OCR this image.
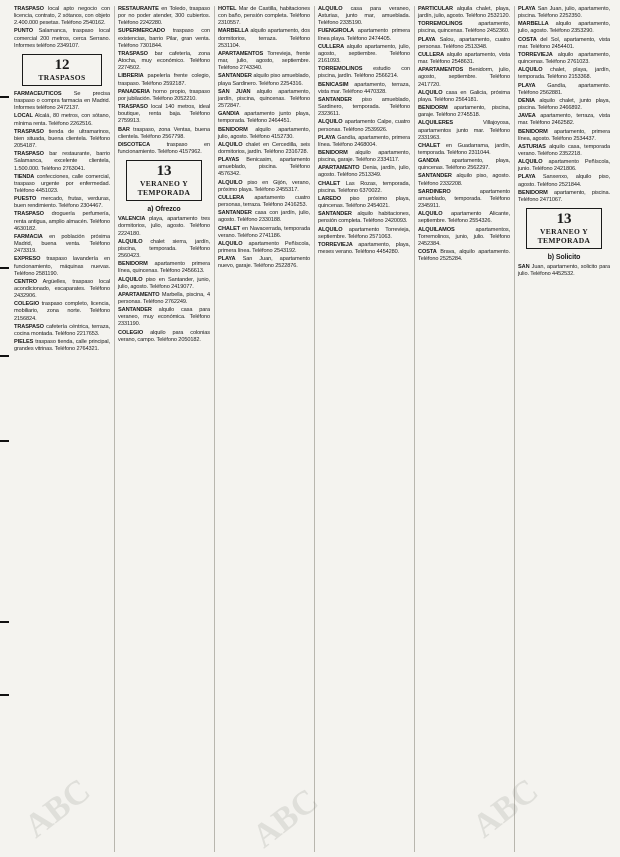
TRASPASO local apto negocio con licencia, contrato, 2 sótanos, con objeto 2.400.000 pesetas. Teléfono 2540162.

PUNTO Salamanca, traspaso local comercial 200 metros, cerca Serrano. Informes teléfono 2349107.

12
TRASPASOS

FARMACEUTICOS Se precisa traspaso o compra farmacia en Madrid. Informes teléfono 2472137.

LOCAL Alcalá, 80 metros, con sótano, mínima renta. Teléfono 2262516.

TRASPASO tienda de ultramarinos, bien situada, buena clientela. Teléfono 2054187.

TRASPASO bar restaurante, barrio Salamanca, excelente clientela, 1.500.000. Teléfono 2763041.

TIENDA confecciones, calle comercial, traspaso urgente por enfermedad. Teléfono 4451023.

PUESTO mercado, frutas, verduras, buen rendimiento. Teléfono 2304467.

TRASPASO droguería perfumería, renta antigua, amplio almacén. Teléfono 4630182.

FARMACIA en población próxima Madrid, buena venta. Teléfono 2473319.

EXPRESO traspaso lavandería en funcionamiento, máquinas nuevas. Teléfono 2581190.

CENTRO Argüelles, traspaso local acondicionado, escaparates. Teléfono 2432906.

COLEGIO traspaso completo, licencia, mobiliario, zona norte. Teléfono 2156824.

TRASPASO cafetería céntrica, terraza, cocina montada. Teléfono 2217653.

PIELES traspaso tienda, calle principal, grandes vitrinas. Teléfono 2764321.

RESTAURANTE en Toledo, traspaso por no poder atender, 300 cubiertos. Teléfono 2242280.

SUPERMERCADO traspaso con existencias, barrio Pilar, gran venta. Teléfono 7301844.

TRASPASO bar cafetería, zona Atocha, muy económico. Teléfono 2274502.

LIBRERIA papelería frente colegio, traspaso. Teléfono 2592187.

PANADERIA horno propio, traspaso por jubilación. Teléfono 2052210.

TRASPASO local 140 metros, ideal boutique, renta baja. Teléfono 2759913.

BAR traspaso, zona Ventas, buena clientela. Teléfono 2567798.

DISCOTECA	traspaso en funcionamiento. Teléfono 4157962.

13
VERANEO Y TEMPORADA
a) Ofrezco

VALENCIA playa, apartamento tres dormitorios, julio, agosto. Teléfono 2224180.

ALQUILO chalet sierra, jardín, piscina, temporada. Teléfono 2560423.

BENIDORM apartamento primera línea, quincenas. Teléfono 2456613.

ALQUILO piso en Santander, junio, julio, agosto. Teléfono 2419077.

APARTAMENTO Marbella, piscina, 4 personas. Teléfono 2762249.

SANTANDER alquilo casa para veraneo, muy económica. Teléfono 2331190.

COLEGIO alquilo para colonias verano, campo. Teléfono 2050182.

HOTEL Mar de Castilla, habitaciones con baño, pensión completa. Teléfono 2310557.

MARBELLA alquilo apartamento, dos dormitorios, terraza. Teléfono 2531104.

APARTAMENTOS Torrevieja, frente mar, julio, agosto, septiembre. Teléfono 2743340.

SANTANDER alquilo piso amueblado, playa Sardinero. Teléfono 2254316.

SAN JUAN alquilo apartamento, jardín, piscina, quincenas. Teléfono 2572847.

GANDIA apartamento junto playa, temporada. Teléfono 2464451.

BENIDORM alquilo apartamento, julio, agosto. Teléfono 4152730.

ALQUILO chalet en Cercedilla, seis dormitorios, jardín. Teléfono 2316728.

PLAYAS Benicasim, apartamento amueblado, piscina. Teléfono 4576342.

ALQUILO piso en Gijón, verano, próximo playa. Teléfono 2455317.

CULLERA apartamento cuatro personas, terraza. Teléfono 2416253.

SANTANDER casa con jardín, julio, agosto. Teléfono 2330188.

CHALET en Navacerrada, temporada verano. Teléfono 2741186.

ALQUILO apartamento Peñíscola, primera línea. Teléfono 2543192.

PLAYA San Juan, apartamento nuevo, garaje. Teléfono 2522876.

ALQUILO casa para veraneo, Asturias, junto mar, amueblada. Teléfono 2335190.

FUENGIROLA apartamento primera línea playa. Teléfono 2474405.

CULLERA alquilo apartamento, julio, agosto, septiembre. Teléfono 2161093.

TORREMOLINOS estudio con piscina, jardín. Teléfono 2566214.

BENICASIM apartamento, terraza, vista mar. Teléfono 4470328.

SANTANDER piso amueblado, Sardinero, temporada. Teléfono 2323611.

ALQUILO apartamento Calpe, cuatro personas. Teléfono 2539926.

PLAYA Gandía, apartamento, primera línea. Teléfono 2468004.

BENIDORM alquilo apartamento, piscina, garaje. Teléfono 2334117.

APARTAMENTO Denia, jardín, julio, agosto. Teléfono 2513349.

CHALET Las Rozas, temporada, piscina. Teléfono 6370022.

LAREDO piso próximo playa, quincenas. Teléfono 2454021.

SANTANDER alquilo habitaciones, pensión completa. Teléfono 2420093.

ALQUILO apartamento Torrevieja, septiembre. Teléfono 2571063.

TORREVIEJA apartamento, playa, meses verano. Teléfono 4454280.

PARTICULAR alquila chalet, playa, jardín, julio, agosto. Teléfono 2532120.

TORREMOLINOS	apartamento, piscina, quincenas. Teléfono 2452360.

PLAYA Salou, apartamento, cuatro personas. Teléfono 2513348.

CULLERA alquilo apartamento, vista mar. Teléfono 2548631.

APARTAMENTOS Benidorm, julio, agosto, septiembre. Teléfono 2417720.

ALQUILO casa en Galicia, próxima playa. Teléfono 2564181.

BENIDORM apartamento, piscina, garaje. Teléfono 2745518.

ALQUILERES	Villajoyosa, apartamentos junto mar. Teléfono 2331963.

CHALET en Guadarrama, jardín, temporada. Teléfono 2311044.

GANDIA apartamento, playa, quincenas. Teléfono 2562297.

SANTANDER alquilo piso, agosto. Teléfono 2332208.

SARDINERO	apartamento amueblado, temporada. Teléfono 2345911.

ALQUILO apartamento Alicante, septiembre. Teléfono 2554326.

ALQUILAMOS	apartamentos, Torremolinos, junio, julio. Teléfono 2452384.

COSTA Brava, alquilo apartamento. Teléfono 2525284.

PLAYA San Juan, julio, apartamento, piscina. Teléfono 2252350.

MARBELLA alquilo apartamento, julio, agosto. Teléfono 2353290.

COSTA del Sol, apartamento, vista mar. Teléfono 2454401.

TORREVIEJA alquilo apartamento, quincenas. Teléfono 2761023.

ALQUILO chalet, playa, jardín, temporada. Teléfono 2153368.

PLAYA Gandía, apartamento. Teléfono 2562881.

DENIA alquilo chalet, junto playa, piscina. Teléfono 2466892.

JAVEA apartamento, terraza, vista mar. Teléfono 2462582.

BENIDORM apartamento, primera línea, agosto. Teléfono 2534437.

ASTURIAS alquilo casa, temporada verano. Teléfono 2352218.

ALQUILO apartamento Peñíscola, junio. Teléfono 2421806.

PLAYA Sanxenxo, alquilo piso, agosto. Teléfono 2521844.

BENIDORM apartamento, piscina. Teléfono 2471067.

13
VERANEO Y TEMPORADA
b) Solicito

SAN Juan, apartamento, solicito para julio. Teléfono 4452532.

ABC	ABC	ABC
